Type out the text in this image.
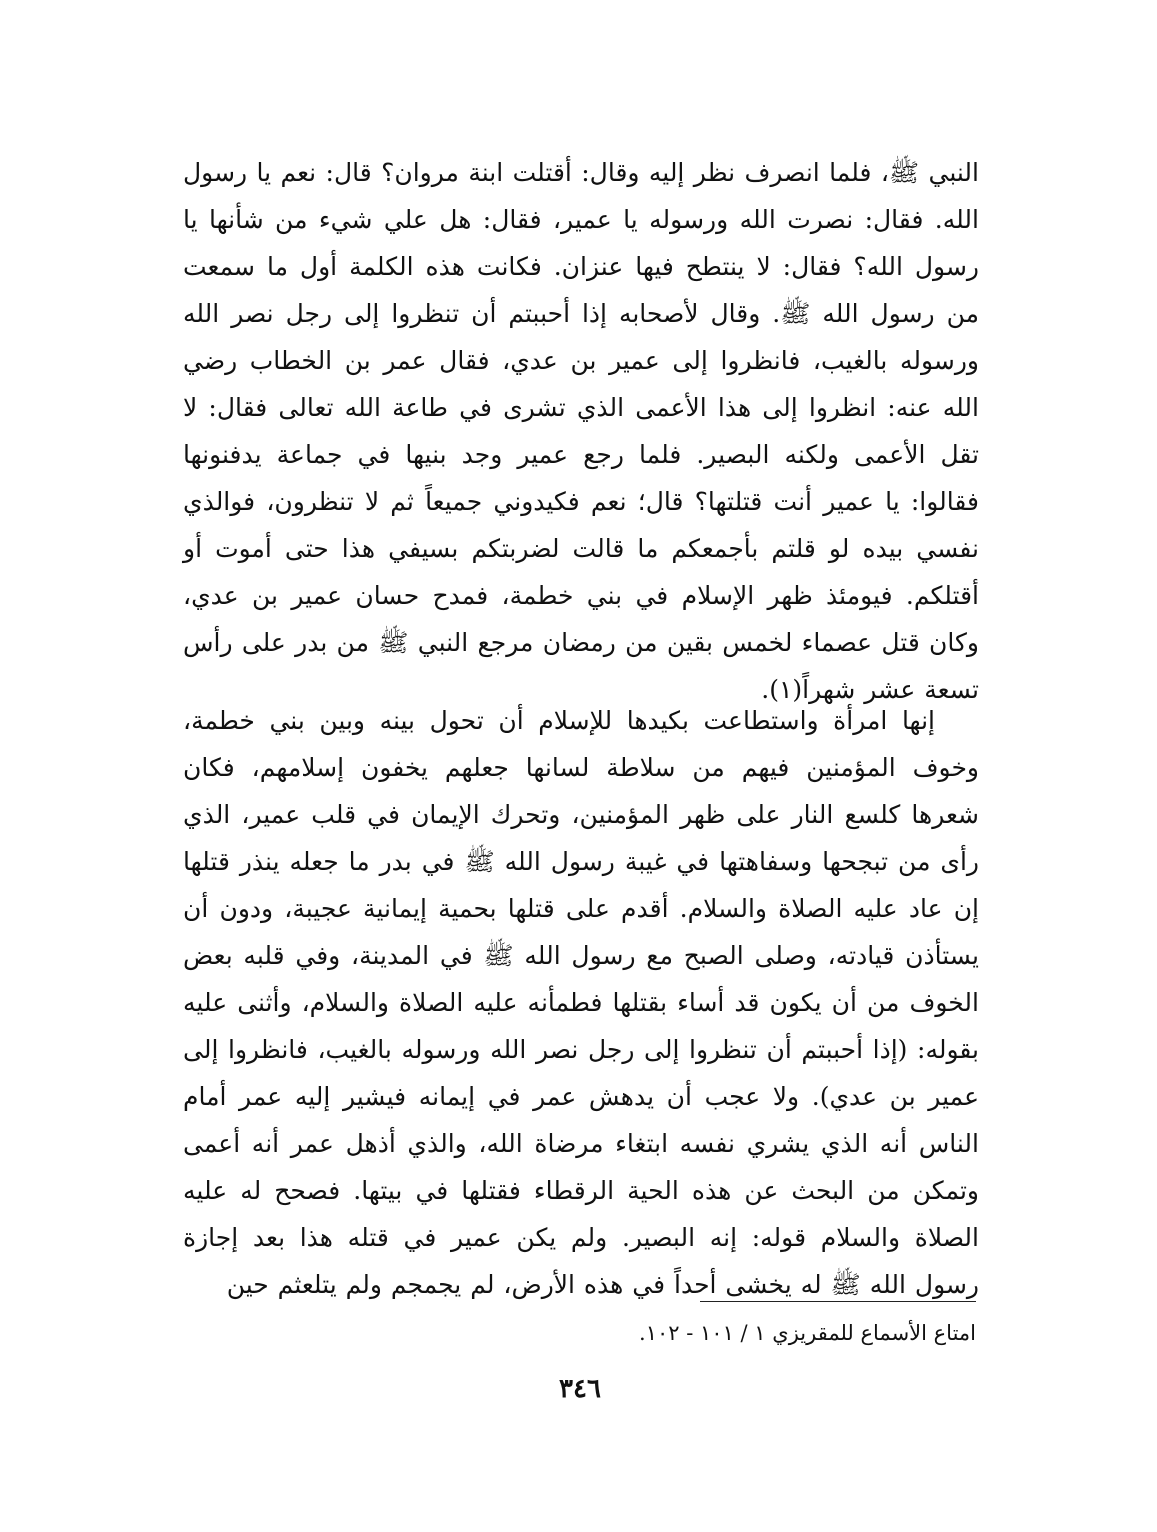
النبي ﷺ، فلما انصرف نظر إليه وقال: أقتلت ابنة مروان؟ قال: نعم يا رسول الله. فقال: نصرت الله ورسوله يا عمير، فقال: هل علي شيء من شأنها يا رسول الله؟ فقال: لا ينتطح فيها عنزان. فكانت هذه الكلمة أول ما سمعت من رسول الله ﷺ. وقال لأصحابه إذا أحببتم أن تنظروا إلى رجل نصر الله ورسوله بالغيب، فانظروا إلى عمير بن عدي، فقال عمر بن الخطاب رضي الله عنه: انظروا إلى هذا الأعمى الذي تشرى في طاعة الله تعالى فقال: لا تقل الأعمى ولكنه البصير. فلما رجع عمير وجد بنيها في جماعة يدفنونها فقالوا: يا عمير أنت قتلتها؟ قال؛ نعم فكيدوني جميعاً ثم لا تنظرون، فوالذي نفسي بيده لو قلتم بأجمعكم ما قالت لضربتكم بسيفي هذا حتى أموت أو أقتلكم. فيومئذ ظهر الإسلام في بني خطمة، فمدح حسان عمير بن عدي، وكان قتل عصماء لخمس بقين من رمضان مرجع النبي ﷺ من بدر على رأس تسعة عشر شهراً(١).

إنها امرأة واستطاعت بكيدها للإسلام أن تحول بينه وبين بني خطمة، وخوف المؤمنين فيهم من سلاطة لسانها جعلهم يخفون إسلامهم، فكان شعرها كلسع النار على ظهر المؤمنين، وتحرك الإيمان في قلب عمير، الذي رأى من تبجحها وسفاهتها في غيبة رسول الله ﷺ في بدر ما جعله ينذر قتلها إن عاد عليه الصلاة والسلام. أقدم على قتلها بحمية إيمانية عجيبة، ودون أن يستأذن قيادته، وصلى الصبح مع رسول الله ﷺ في المدينة، وفي قلبه بعض الخوف من أن يكون قد أساء بقتلها فطمأنه عليه الصلاة والسلام، وأثنى عليه بقوله: (إذا أحببتم أن تنظروا إلى رجل نصر الله ورسوله بالغيب، فانظروا إلى عمير بن عدي). ولا عجب أن يدهش عمر في إيمانه فيشير إليه عمر أمام الناس أنه الذي يشري نفسه ابتغاء مرضاة الله، والذي أذهل عمر أنه أعمى وتمكن من البحث عن هذه الحية الرقطاء فقتلها في بيتها. فصحح له عليه الصلاة والسلام قوله: إنه البصير. ولم يكن عمير في قتله هذا بعد إجازة رسول الله ﷺ له يخشى أحداً في هذه الأرض، لم يجمجم ولم يتلعثم حين

امتاع الأسماع للمقريزي ١ / ١٠١ - ١٠٢.
٣٤٦
